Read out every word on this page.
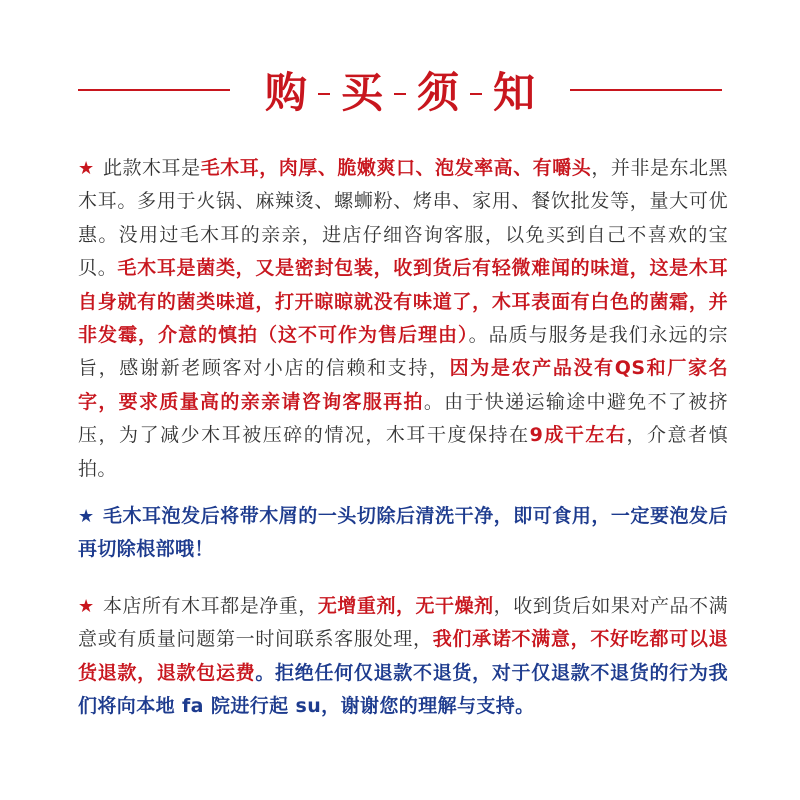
购 买 须 知
★ 此款木耳是毛木耳，肉厚、脆嫩爽口、泡发率高、有嚼头，并非是东北黑木耳。多用于火锅、麻辣烫、螺蛳粉、烤串、家用、餐饮批发等，量大可优惠。没用过毛木耳的亲亲，进店仔细咨询客服，以免买到自己不喜欢的宝贝。毛木耳是菌类，又是密封包装，收到货后有轻微难闻的味道，这是木耳自身就有的菌类味道，打开晾晾就没有味道了，木耳表面有白色的菌霜，并非发霉，介意的慎拍（这不可作为售后理由）。品质与服务是我们永远的宗旨，感谢新老顾客对小店的信赖和支持，因为是农产品没有QS和厂家名字，要求质量高的亲亲请咨询客服再拍。由于快递运输途中避免不了被挤压，为了减少木耳被压碎的情况，木耳干度保持在9成干左右，介意者慎拍。
★ 毛木耳泡发后将带木屑的一头切除后清洗干净，即可食用，一定要泡发后再切除根部哦！
★ 本店所有木耳都是净重，无增重剂，无干燥剂，收到货后如果对产品不满意或有质量问题第一时间联系客服处理，我们承诺不满意，不好吃都可以退货退款，退款包运费。拒绝任何仅退款不退货，对于仅退款不退货的行为我们将向本地 fa 院进行起 su，谢谢您的理解与支持。
